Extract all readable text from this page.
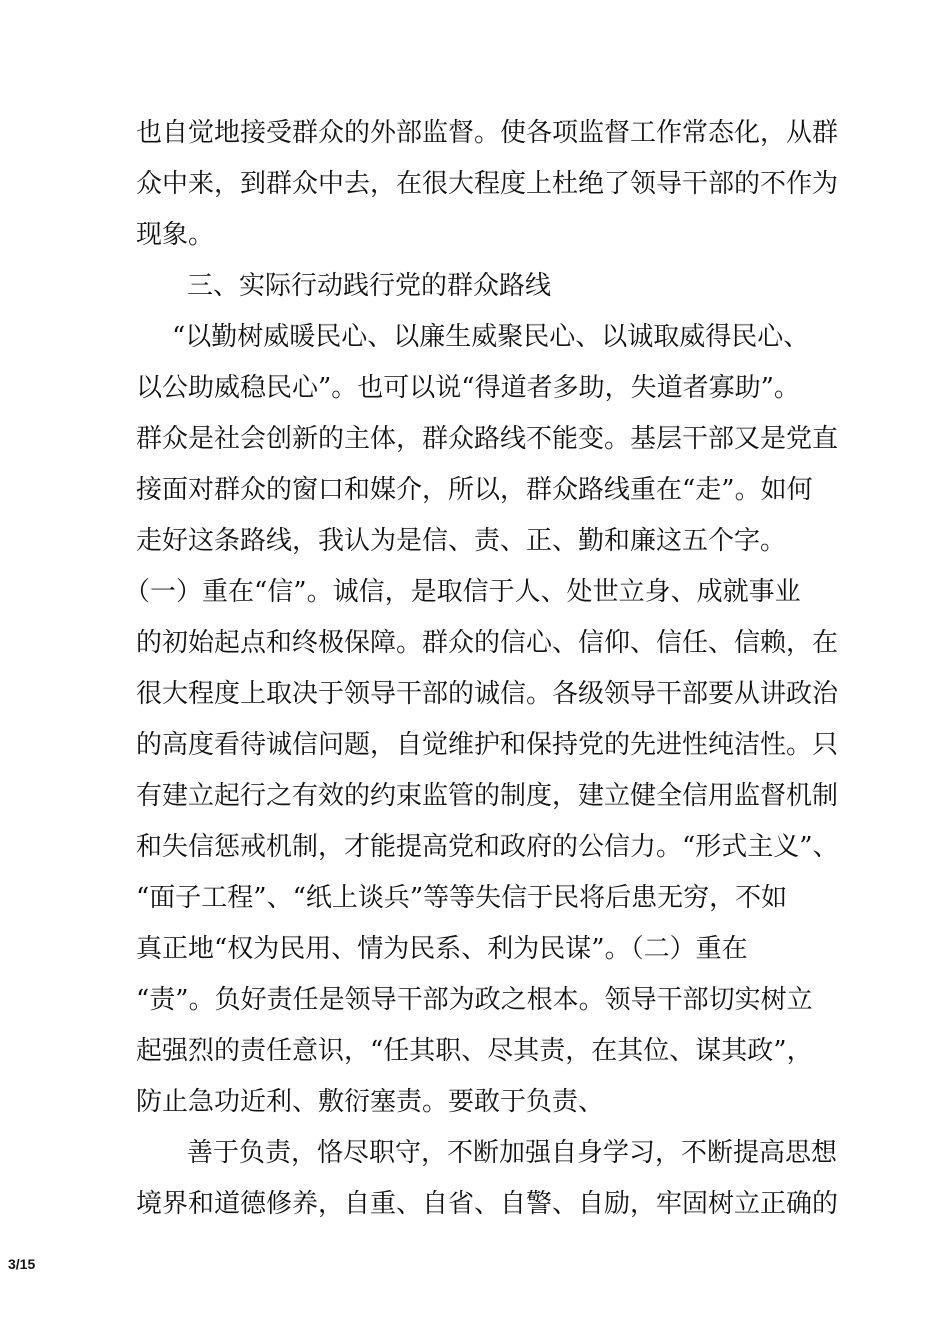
也自觉地接受群众的外部监督。使各项监督工作常态化，从群
众中来，到群众中去，在很大程度上杜绝了领导干部的不作为
现象。
三、实际行动践行党的群众路线
“以勤树威暖民心、以廉生威聚民心、以诚取威得民心、
以公助威稳民心”。也可以说“得道者多助，失道者寡助”。
群众是社会创新的主体，群众路线不能变。基层干部又是党直
接面对群众的窗口和媒介，所以，群众路线重在“走”。如何
走好这条路线，我认为是信、责、正、勤和廉这五个字。
（一）重在“信”。诚信，是取信于人、处世立身、成就事业
的初始起点和终极保障。群众的信心、信仰、信任、信赖，在
很大程度上取决于领导干部的诚信。各级领导干部要从讲政治
的高度看待诚信问题，自觉维护和保持党的先进性纯洁性。只
有建立起行之有效的约束监管的制度，建立健全信用监督机制
和失信惩戒机制，才能提高党和政府的公信力。“形式主义”、
“面子工程”、“纸上谈兵”等等失信于民将后患无穷，不如
真正地“权为民用、情为民系、利为民谋”。（二）重在
“责”。负好责任是领导干部为政之根本。领导干部切实树立
起强烈的责任意识，“任其职、尽其责，在其位、谋其政”，
防止急功近利、敷衍塞责。要敢于负责、
善于负责，恪尽职守，不断加强自身学习，不断提高思想
境界和道德修养，自重、自省、自警、自励，牢固树立正确的
3/15
